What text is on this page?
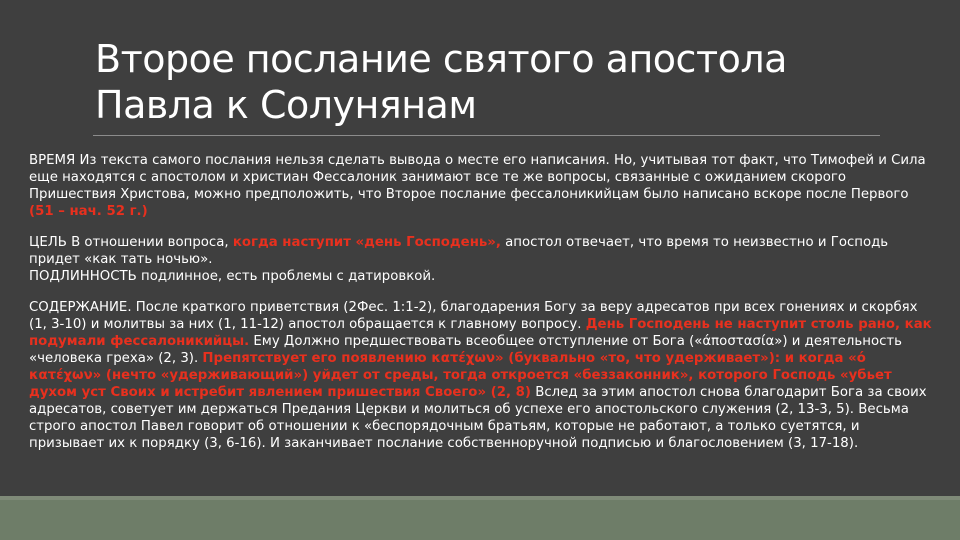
Второе послание святого апостола
Павла к Солунянам

ВРЕМЯ Из текста самого послания нельзя сделать вывода о месте его написания. Но, учитывая тот факт, что Тимофей и Сила еще находятся с апостолом и христиан Фессалоник занимают все те же вопросы, связанные с ожиданием скорого Пришествия Христова, можно предположить, что Второе послание фессалоникийцам было написано вскоре после Первого (51 – нач. 52 г.)

ЦЕЛЬ В отношении вопроса, когда наступит «день Господень», апостол отвечает, что время то неизвестно и Господь придет «как тать ночью».

ПОДЛИННОСТЬ подлинное, есть проблемы с датировкой.

СОДЕРЖАНИЕ. После краткого приветствия (2Фес. 1:1-2), благодарения Богу за веру адресатов при всех гонениях и скорбях (1, 3-10) и молитвы за них (1, 11-12) апостол обращается к главному вопросу. День Господень не наступит столь рано, как подумали фессалоникийцы. Ему Должно предшествовать всеобщее отступление от Бога («άποστασία») и деятельность «человека греха» (2, 3). Препятствует его появлению κατέχων» (буквально «то, что удерживает»): и когда «ό κατέχων» (нечто «удерживающий») уйдет от среды, тогда откроется «беззаконник», которого Господь «убьет духом уст Своих и истребит явлением пришествия Своего» (2, 8) Вслед за этим апостол снова благодарит Бога за своих адресатов, советует им держаться Предания Церкви и молиться об успехе его апостольского служения (2, 13-3, 5). Весьма строго апостол Павел говорит об отношении к «беспорядочным братьям, которые не работают, а только суетятся, и призывает их к порядку (3, 6-16). И заканчивает послание собственноручной подписью и благословением (3, 17-18).
